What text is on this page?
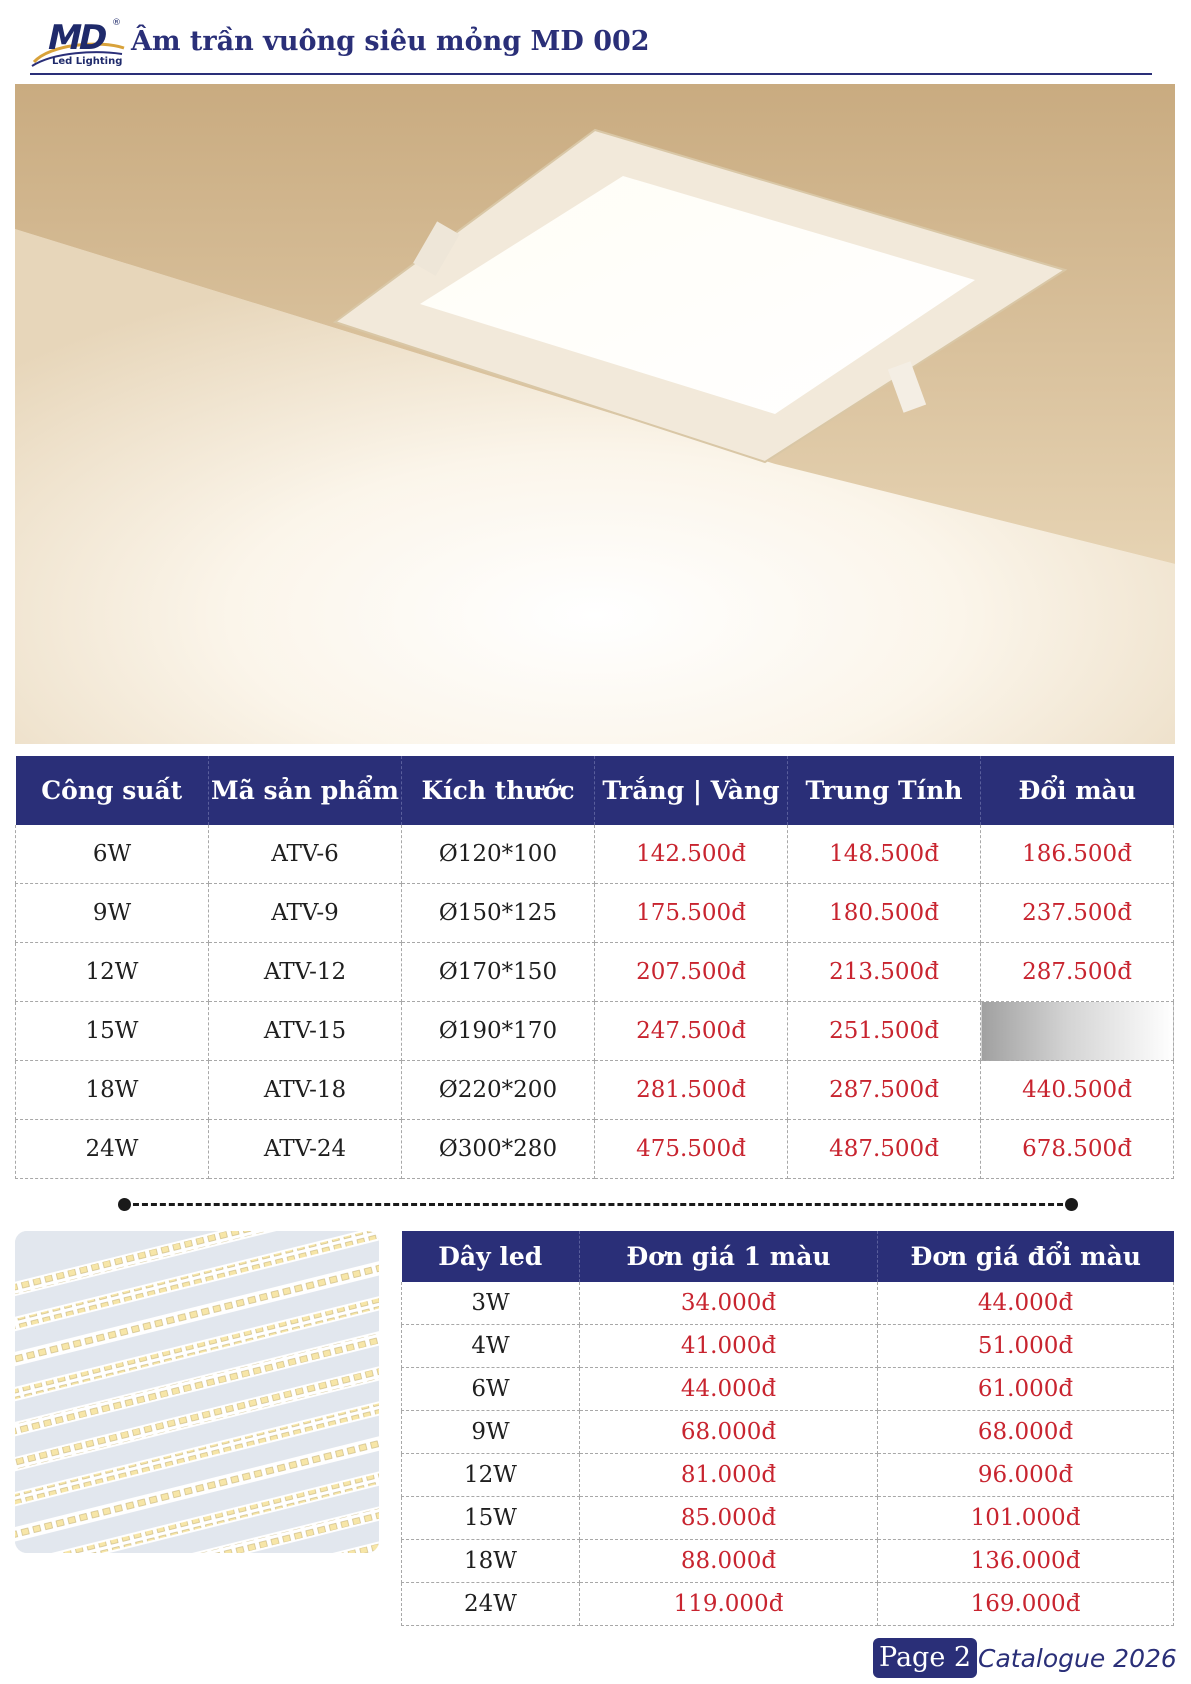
MD ®
Led Lighting
Âm trần vuông siêu mỏng MD 002
Công suất	Mã sản phẩm	Kích thước	Trắng | Vàng	Trung Tính	Đổi màu
6W	ATV-6	Ø120*100	142.500đ	148.500đ	186.500đ
9W	ATV-9	Ø150*125	175.500đ	180.500đ	237.500đ
12W	ATV-12	Ø170*150	207.500đ	213.500đ	287.500đ
15W	ATV-15	Ø190*170	247.500đ	251.500đ	
18W	ATV-18	Ø220*200	281.500đ	287.500đ	440.500đ
24W	ATV-24	Ø300*280	475.500đ	487.500đ	678.500đ
Dây led	Đơn giá 1 màu	Đơn giá đổi màu
3W	34.000đ	44.000đ
4W	41.000đ	51.000đ
6W	44.000đ	61.000đ
9W	68.000đ	68.000đ
12W	81.000đ	96.000đ
15W	85.000đ	101.000đ
18W	88.000đ	136.000đ
24W	119.000đ	169.000đ
Page 2 Catalogue 2026
